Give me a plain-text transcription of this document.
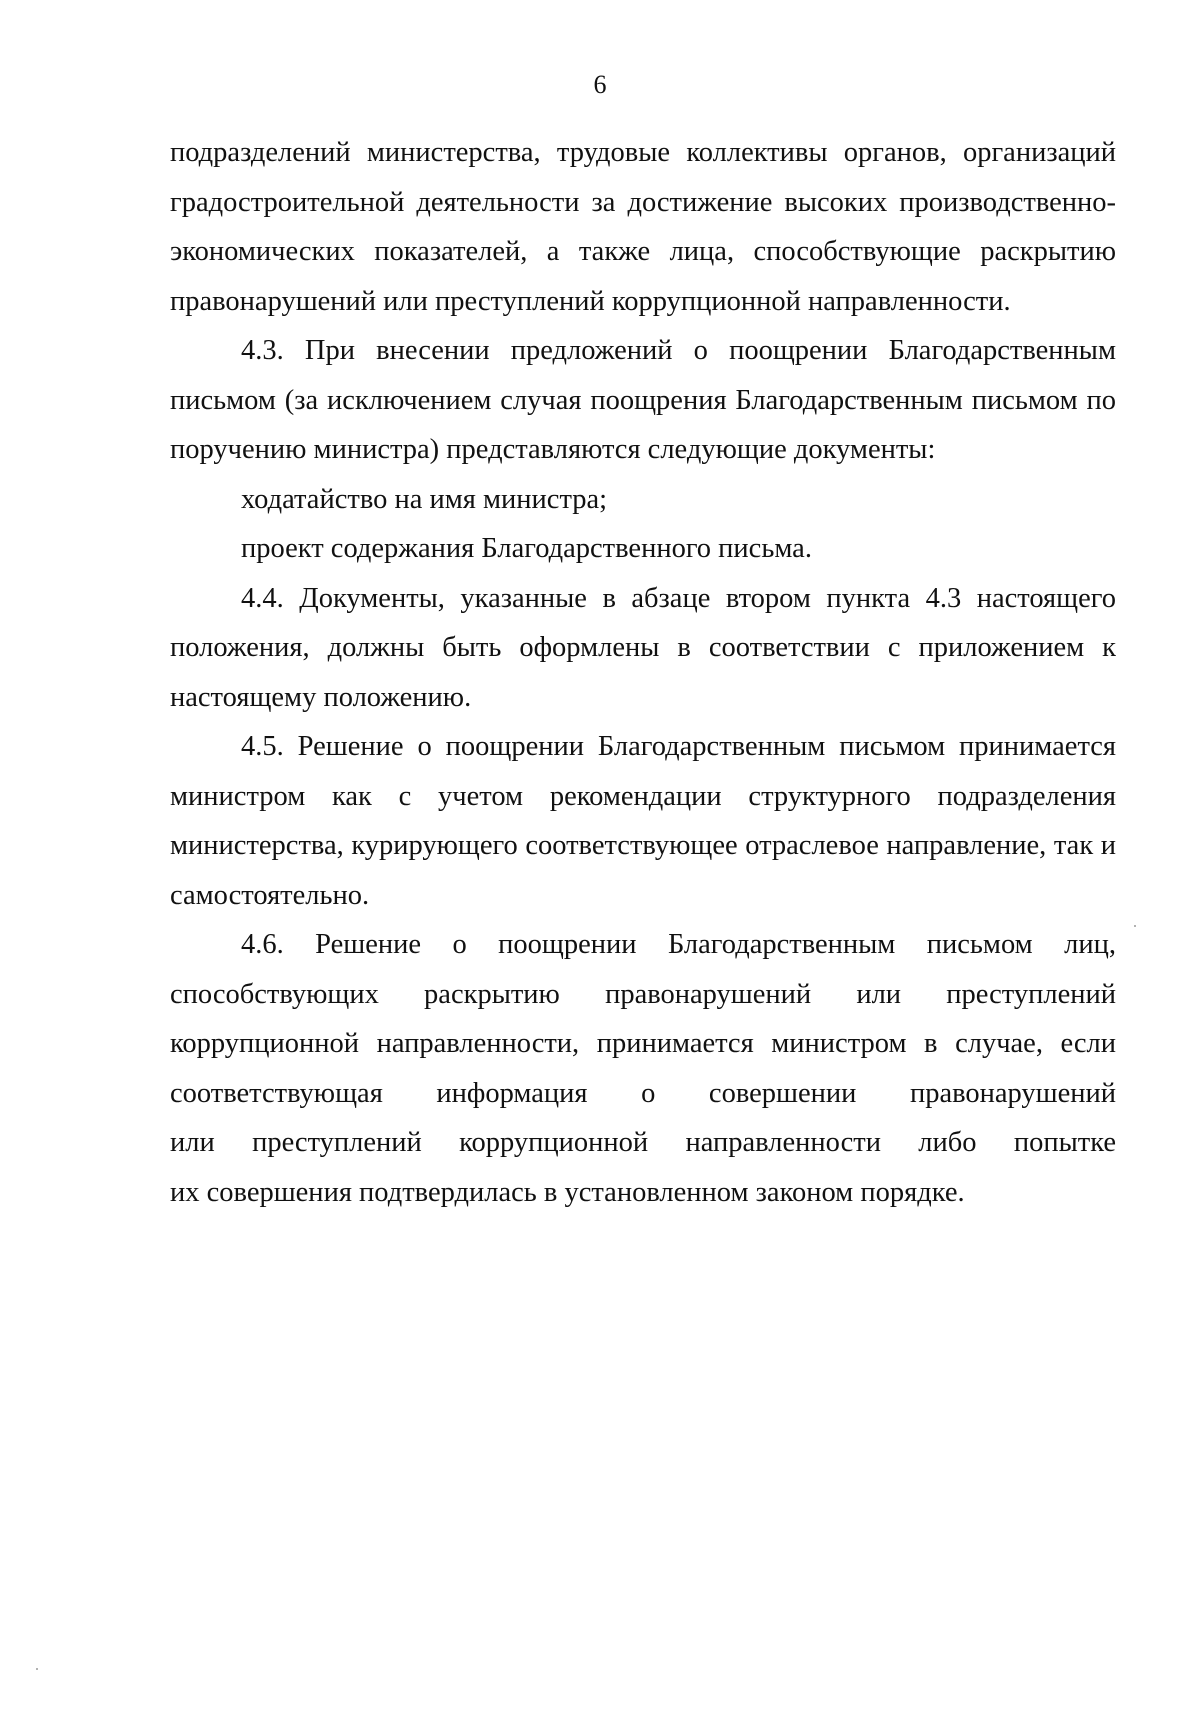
6

подразделений министерства, трудовые коллективы органов, организаций градостроительной деятельности за достижение высоких производственно-экономических показателей, а также лица, способствующие раскрытию правонарушений или преступлений коррупционной направленности.

4.3. При внесении предложений о поощрении Благодарственным письмом (за исключением случая поощрения Благодарственным письмом по поручению министра) представляются следующие документы:

ходатайство на имя министра;

проект содержания Благодарственного письма.

4.4. Документы, указанные в абзаце втором пункта 4.3 настоящего положения, должны быть оформлены в соответствии с приложением к настоящему положению.

4.5. Решение о поощрении Благодарственным письмом принимается министром как с учетом рекомендации структурного подразделения министерства, курирующего соответствующее отраслевое направление, так и самостоятельно.

4.6. Решение о поощрении Благодарственным письмом лиц,
способствующих раскрытию правонарушений или преступлений
коррупционной направленности, принимается министром в случае, если
соответствующая информация о совершении правонарушений
или преступлений коррупционной направленности либо попытке
их совершения подтвердилась в установленном законом порядке.
